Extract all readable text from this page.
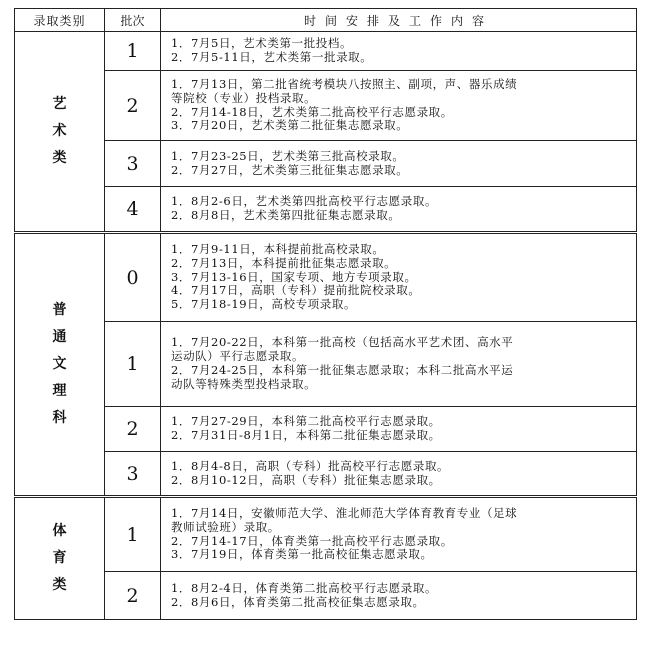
录取类别	批次	时间安排及工作内容

艺
术
类	1	1．7月5日，艺术类第一批投档。
2．7月5-11日，艺术类第一批录取。

	2	1．7月13日，第二批省统考模块八按照主、副项，声、器乐成绩
等院校（专业）投档录取。
2．7月14-18日，艺术类第二批高校平行志愿录取。
3．7月20日，艺术类第二批征集志愿录取。

	3	1．7月23-25日，艺术类第三批高校录取。
2．7月27日，艺术类第三批征集志愿录取。

	4	1．8月2-6日，艺术类第四批高校平行志愿录取。
2．8月8日，艺术类第四批征集志愿录取。

普
通
文
理
科	0	1．7月9-11日，本科提前批高校录取。
2．7月13日，本科提前批征集志愿录取。
3．7月13-16日，国家专项、地方专项录取。
4．7月17日，高职（专科）提前批院校录取。
5．7月18-19日，高校专项录取。

	1	1．7月20-22日，本科第一批高校（包括高水平艺术团、高水平
运动队）平行志愿录取。
2．7月24-25日，本科第一批征集志愿录取；本科二批高水平运
动队等特殊类型投档录取。

	2	1．7月27-29日，本科第二批高校平行志愿录取。
2．7月31日-8月1日，本科第二批征集志愿录取。

	3	1．8月4-8日，高职（专科）批高校平行志愿录取。
2．8月10-12日，高职（专科）批征集志愿录取。

体
育
类	1	1．7月14日，安徽师范大学、淮北师范大学体育教育专业（足球
教师试验班）录取。
2．7月14-17日，体育类第一批高校平行志愿录取。
3．7月19日，体育类第一批高校征集志愿录取。

	2	1．8月2-4日，体育类第二批高校平行志愿录取。
2．8月6日，体育类第二批高校征集志愿录取。
